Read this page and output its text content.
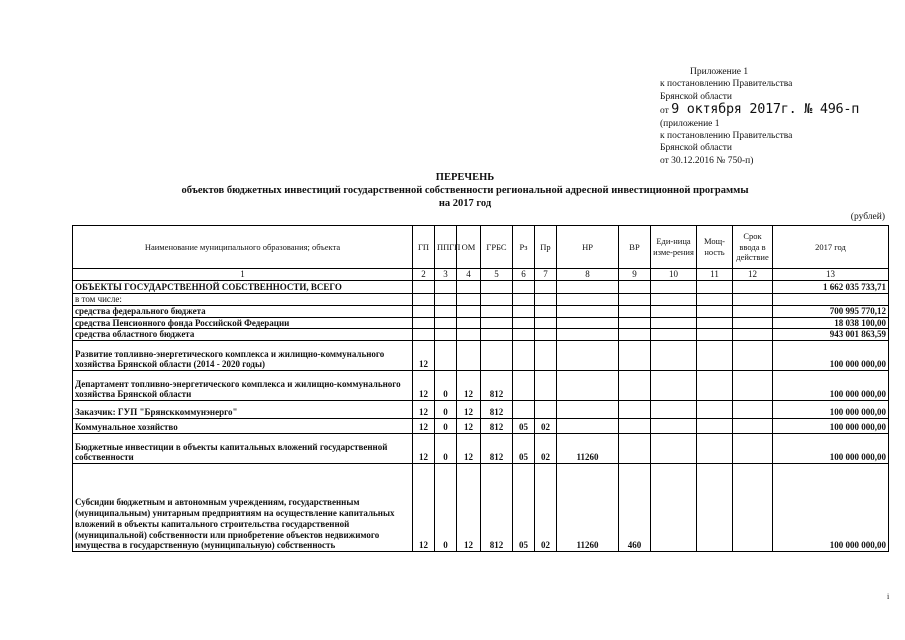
Приложение 1
к постановлению Правительства
Брянской области
от 9 октября 2017г. № 496-п
(приложение 1
к постановлению Правительства
Брянской области
от 30.12.2016 № 750-п)
ПЕРЕЧЕНЬ
объектов бюджетных инвестиций государственной собственности региональной адресной инвестиционной программы
на 2017 год
(рублей)
Наименование муниципального образования; объекта	ГП	ППГП	ОМ	ГРБС	Рз	Пр	НР	ВР	Еди-ница изме-рения	Мощ-ность	Срок ввода в действие	2017 год
1	2	3	4	5	6	7	8	9	10	11	12	13
ОБЪЕКТЫ ГОСУДАРСТВЕННОЙ СОБСТВЕННОСТИ, ВСЕГО												1 662 035 733,71
в том числе:												
средства федерального бюджета												700 995 770,12
средства Пенсионного фонда Российской Федерации												18 038 100,00
средства областного бюджета												943 001 863,59
Развитие топливно-энергетического комплекса и жилищно-коммунального хозяйства Брянской области (2014 - 2020 годы)	12											100 000 000,00
Департамент топливно-энергетического комплекса и жилищно-коммунального хозяйства Брянской области	12	0	12	812								100 000 000,00
Заказчик: ГУП "Брянсккоммунэнерго"	12	0	12	812								100 000 000,00
Коммунальное хозяйство	12	0	12	812	05	02						100 000 000,00
Бюджетные инвестиции в объекты капитальных вложений государственной собственности	12	0	12	812	05	02	11260					100 000 000,00
Субсидии бюджетным и автономным учреждениям, государственным (муниципальным) унитарным предприятиям на осуществление капитальных вложений в объекты капитального строительства государственной (муниципальной) собственности или приобретение объектов недвижимого имущества в государственную (муниципальную) собственность	12	0	12	812	05	02	11260	460				100 000 000,00
i
